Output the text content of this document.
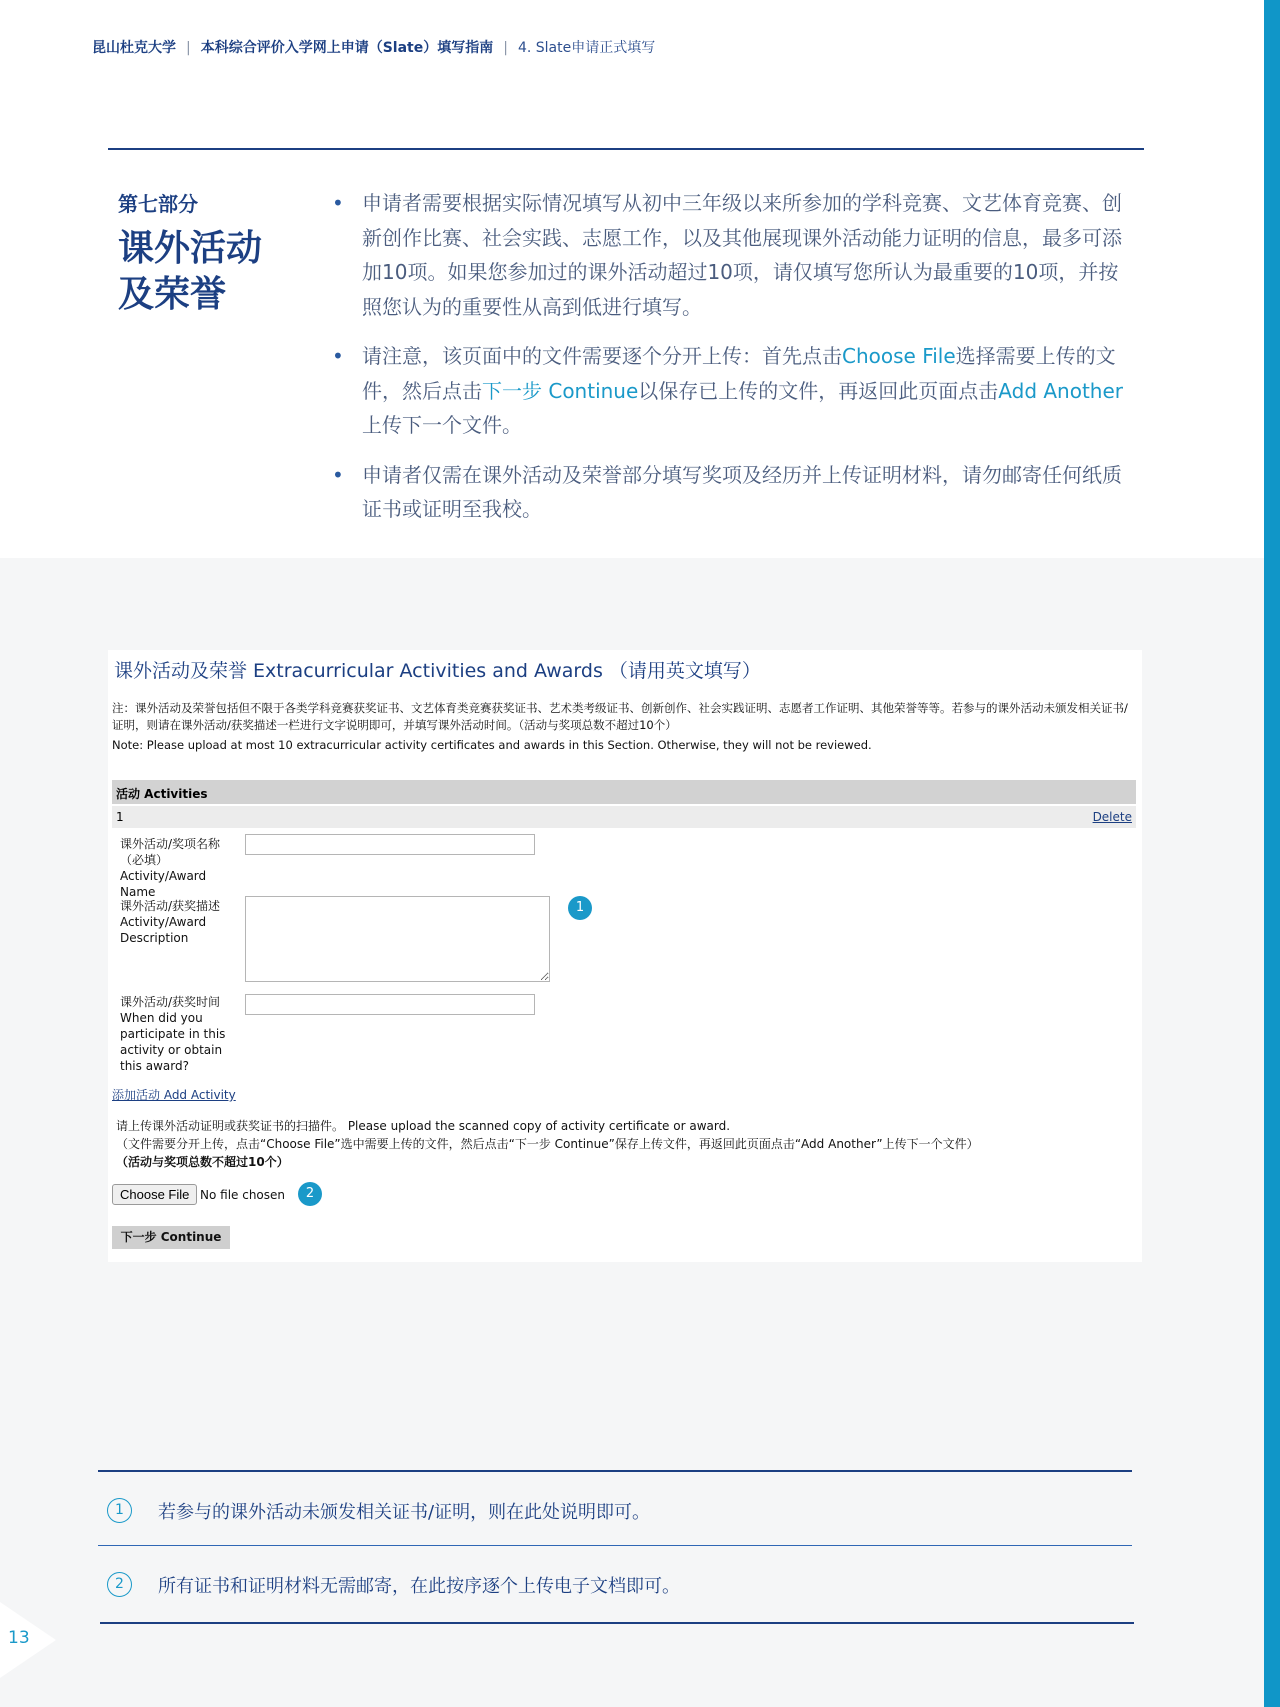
昆山杜克大学 | 本科综合评价入学网上申请（Slate）填写指南 | 4. Slate申请正式填写
第七部分
课外活动
及荣誉
• 申请者需要根据实际情况填写从初中三年级以来所参加的学科竞赛、文艺体育竞赛、创新创作比赛、社会实践、志愿工作，以及其他展现课外活动能力证明的信息，最多可添加10项。如果您参加过的课外活动超过10项，请仅填写您所认为最重要的10项，并按照您认为的重要性从高到低进行填写。
• 请注意，该页面中的文件需要逐个分开上传：首先点击Choose File选择需要上传的文件，然后点击下一步 Continue以保存已上传的文件，再返回此页面点击Add Another上传下一个文件。
• 申请者仅需在课外活动及荣誉部分填写奖项及经历并上传证明材料，请勿邮寄任何纸质证书或证明至我校。
课外活动及荣誉 Extracurricular Activities and Awards （请用英文填写）
注：课外活动及荣誉包括但不限于各类学科竞赛获奖证书、文艺体育类竞赛获奖证书、艺术类考级证书、创新创作、社会实践证明、志愿者工作证明、其他荣誉等等。若参与的课外活动未颁发相关证书/证明，则请在课外活动/获奖描述一栏进行文字说明即可，并填写课外活动时间。（活动与奖项总数不超过10个）
Note: Please upload at most 10 extracurricular activity certificates and awards in this Section. Otherwise, they will not be reviewed.
活动 Activities
1	Delete
课外活动/奖项名称（必填）
Activity/Award Name
课外活动/获奖描述
Activity/Award Description
1
课外活动/获奖时间
When did you participate in this activity or obtain this award?
添加活动 Add Activity
请上传课外活动证明或获奖证书的扫描件。 Please upload the scanned copy of activity certificate or award.
（文件需要分开上传，点击“Choose File”选中需要上传的文件，然后点击“下一步 Continue”保存上传文件，再返回此页面点击“Add Another”上传下一个文件）
（活动与奖项总数不超过10个）
Choose File No file chosen	2
下一步 Continue
1	若参与的课外活动未颁发相关证书/证明，则在此处说明即可。
2	所有证书和证明材料无需邮寄，在此按序逐个上传电子文档即可。
13
